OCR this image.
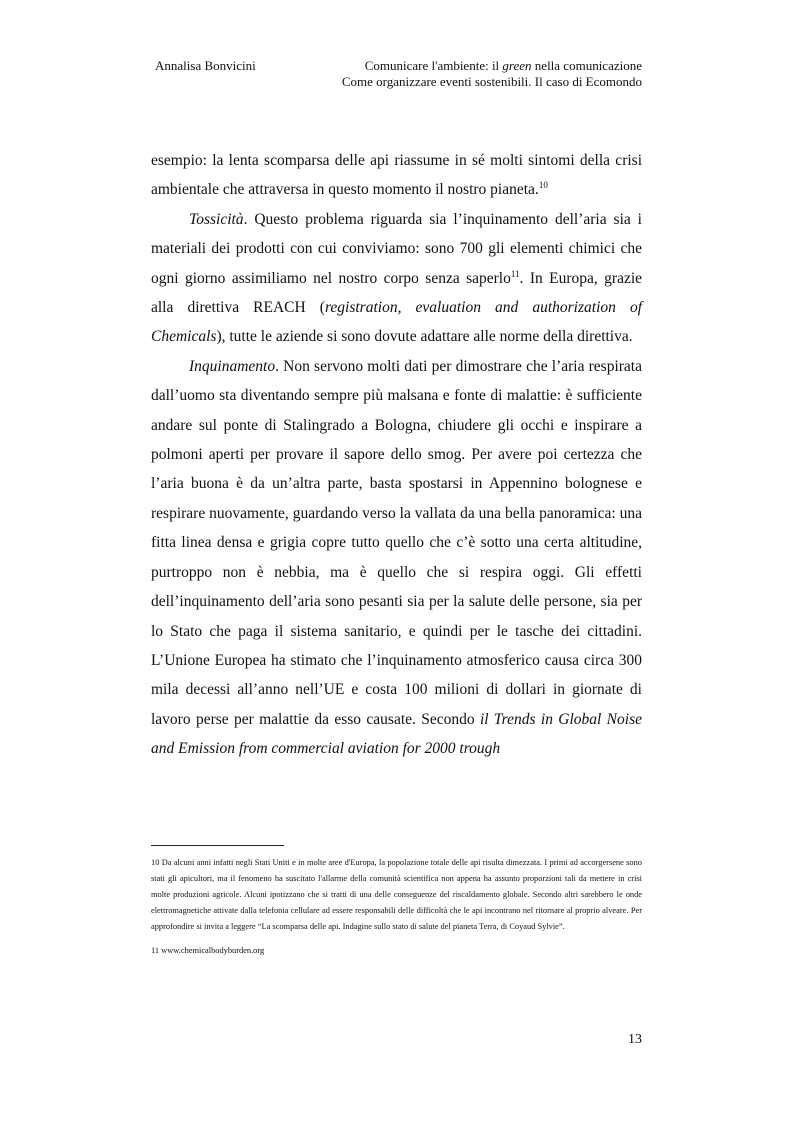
Annalisa Bonvicini	Comunicare l'ambiente: il green nella comunicazione
Come organizzare eventi sostenibili. Il caso di Ecomondo

esempio: la lenta scomparsa delle api riassume in sé molti sintomi della crisi ambientale che attraversa in questo momento il nostro pianeta.$^{10}$

Tossicità. Questo problema riguarda sia l’inquinamento dell’aria sia i materiali dei prodotti con cui conviviamo: sono 700 gli elementi chimici che ogni giorno assimiliamo nel nostro corpo senza saperlo$^{11}$. In Europa, grazie alla direttiva REACH (registration, evaluation and authorization of Chemicals), tutte le aziende si sono dovute adattare alle norme della direttiva.

Inquinamento. Non servono molti dati per dimostrare che l’aria respirata dall’uomo sta diventando sempre più malsana e fonte di malattie: è sufficiente andare sul ponte di Stalingrado a Bologna, chiudere gli occhi e inspirare a polmoni aperti per provare il sapore dello smog. Per avere poi certezza che l’aria buona è da un’altra parte, basta spostarsi in Appennino bolognese e respirare nuovamente, guardando verso la vallata da una bella panoramica: una fitta linea densa e grigia copre tutto quello che c’è sotto una certa altitudine, purtroppo non è nebbia, ma è quello che si respira oggi. Gli effetti dell’inquinamento dell’aria sono pesanti sia per la salute delle persone, sia per lo Stato che paga il sistema sanitario, e quindi per le tasche dei cittadini. L’Unione Europea ha stimato che l’inquinamento atmosferico causa circa 300 mila decessi all’anno nell’UE e costa 100 milioni di dollari in giornate di lavoro perse per malattie da esso causate. Secondo il Trends in Global Noise and Emission from commercial aviation for 2000 trough

10 Da alcuni anni infatti negli Stati Uniti e in molte aree d'Europa, la popolazione totale delle api risulta dimezzata. I primi ad accorgersene sono stati gli apicultori, ma il fenomeno ha suscitato l'allarme della comunità scientifica non appena ha assunto proporzioni tali da mettere in crisi molte produzioni agricole. Alcuni ipotizzano che si tratti di una delle conseguenze del riscaldamento globale. Secondo altri sarebbero le onde elettromagnetiche attivate dalla telefonia cellulare ad essere responsabili delle difficoltà che le api incontrano nel ritornare al proprio alveare. Per approfondire si invita a leggere “La scomparsa delle api. Indagine sullo stato di salute del pianeta Terra, di Coyaud Sylvie”.

11 www.chemicalbodyburden.org

13
